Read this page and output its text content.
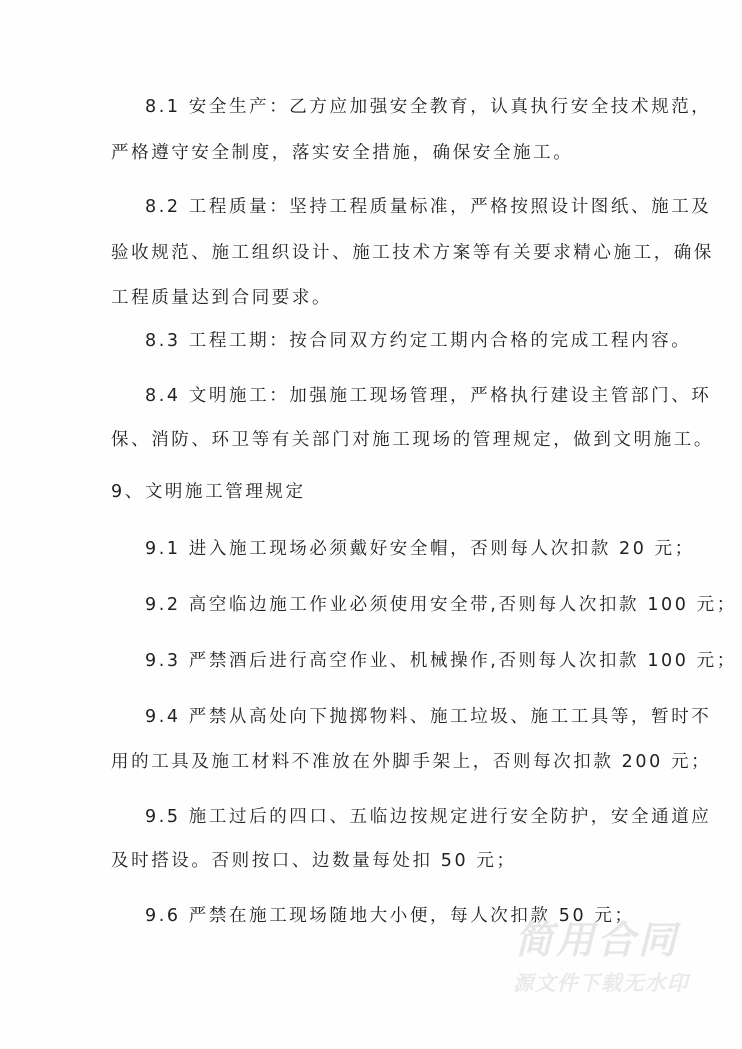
8.1 安全生产：乙方应加强安全教育，认真执行安全技术规范，
严格遵守安全制度，落实安全措施，确保安全施工。
8.2 工程质量：坚持工程质量标准，严格按照设计图纸、施工及
验收规范、施工组织设计、施工技术方案等有关要求精心施工，确保
工程质量达到合同要求。
8.3 工程工期：按合同双方约定工期内合格的完成工程内容。
8.4 文明施工：加强施工现场管理，严格执行建设主管部门、环
保、消防、环卫等有关部门对施工现场的管理规定，做到文明施工。
9、文明施工管理规定
9.1 进入施工现场必须戴好安全帽，否则每人次扣款 20 元；
9.2 高空临边施工作业必须使用安全带,否则每人次扣款 100 元；
9.3 严禁酒后进行高空作业、机械操作,否则每人次扣款 100 元；
9.4 严禁从高处向下抛掷物料、施工垃圾、施工工具等，暂时不
用的工具及施工材料不准放在外脚手架上，否则每次扣款 200 元；
9.5 施工过后的四口、五临边按规定进行安全防护，安全通道应
及时搭设。否则按口、边数量每处扣 50 元；
9.6 严禁在施工现场随地大小便，每人次扣款 50 元；
简用合同
源文件下载无水印
